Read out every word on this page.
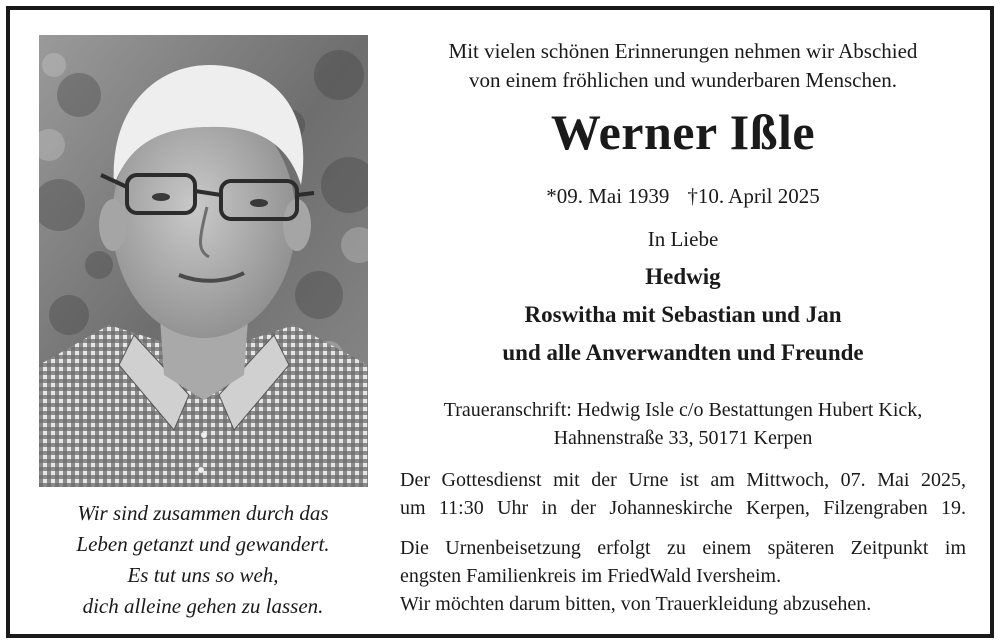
Wir sind zusammen durch das
Leben getanzt und gewandert.
Es tut uns so weh,
dich alleine gehen zu lassen.
Mit vielen schönen Erinnerungen nehmen wir Abschied
von einem fröhlichen und wunderbaren Menschen.
Werner Ißle
*09. Mai 1939 †10. April 2025
In Liebe
Hedwig
Roswitha mit Sebastian und Jan
und alle Anverwandten und Freunde
Traueranschrift: Hedwig Isle c/o Bestattungen Hubert Kick,
Hahnenstraße 33, 50171 Kerpen
Der Gottesdienst mit der Urne ist am Mittwoch, 07. Mai 2025,
um 11:30 Uhr in der Johanneskirche Kerpen, Filzengraben 19.
Die Urnenbeisetzung erfolgt zu einem späteren Zeitpunkt im
engsten Familienkreis im FriedWald Iversheim.
Wir möchten darum bitten, von Trauerkleidung abzusehen.
